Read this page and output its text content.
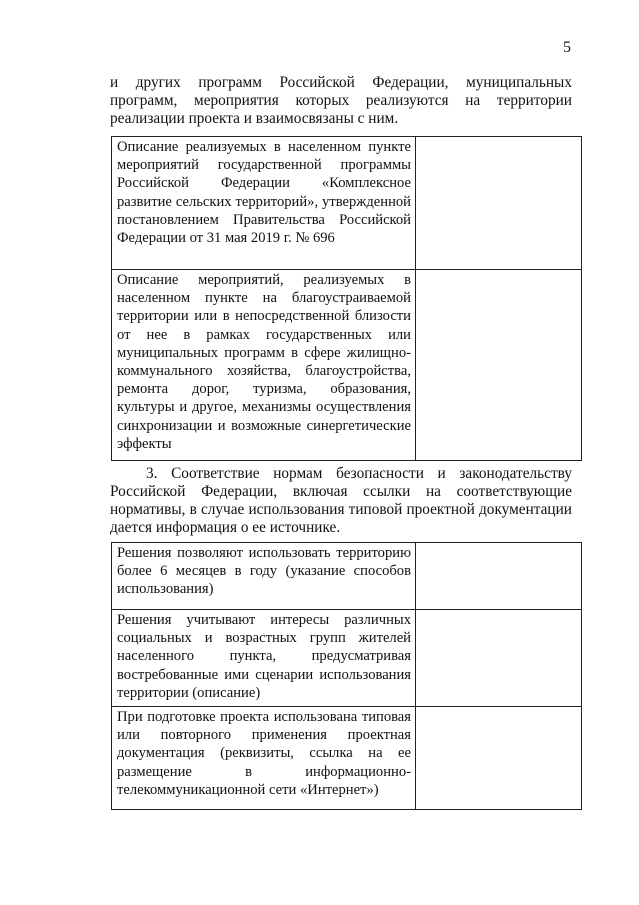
5

и других программ Российской Федерации, муниципальных программ, мероприятия которых реализуются на территории реализации проекта и взаимосвязаны с ним.

Описание реализуемых в населенном пункте мероприятий государственной программы Российской Федерации «Комплексное развитие сельских территорий», утвержденной постановлением Правительства Российской Федерации от 31 мая 2019 г. № 696	
Описание мероприятий, реализуемых в населенном пункте на благоустраиваемой территории или в непосредственной близости от нее в рамках государственных или муниципальных программ в сфере жилищно-коммунального хозяйства, благоустройства, ремонта дорог, туризма, образования, культуры и другое, механизмы осуществления синхронизации и возможные синергетические эффекты	

3. Соответствие нормам безопасности и законодательству Российской Федерации, включая ссылки на соответствующие нормативы, в случае использования типовой проектной документации дается информация о ее источнике.

Решения позволяют использовать территорию более 6 месяцев в году (указание способов использования)	
Решения учитывают интересы различных социальных и возрастных групп жителей населенного пункта, предусматривая востребованные ими сценарии использования территории (описание)	
При подготовке проекта использована типовая или повторного применения проектная документация (реквизиты, ссылка на ее размещение в информационно-телекоммуникационной сети «Интернет»)	
